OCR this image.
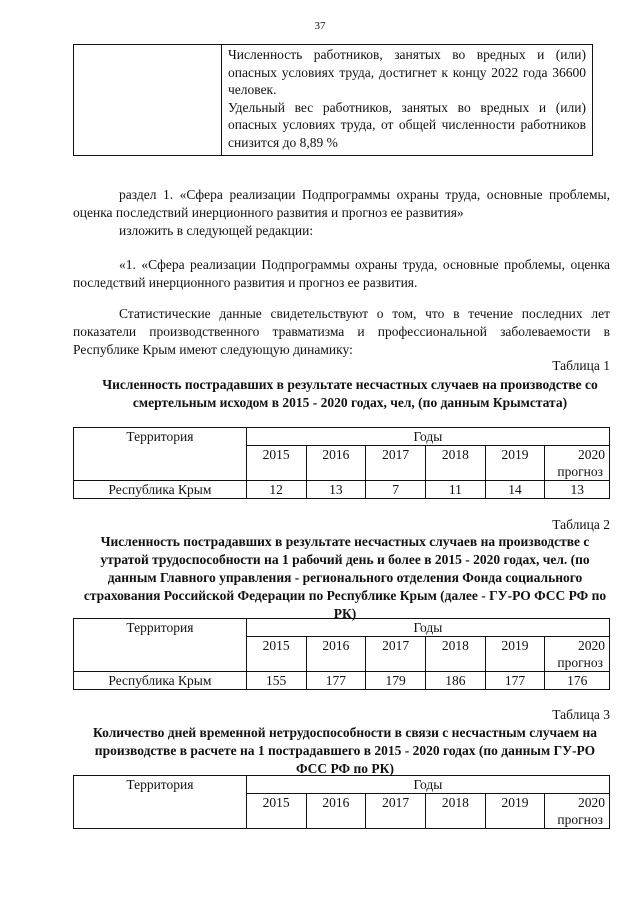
37

Численность работников, занятых во вредных и (или) опасных условиях труда, достигнет к концу 2022 года 36600 человек.

Удельный вес работников, занятых во вредных и (или) опасных условиях труда, от общей численности работников снизится до 8,89 %

раздел 1. «Сфера реализации Подпрограммы охраны труда, основные проблемы, оценка последствий инерционного развития и прогноз ее развития»

изложить в следующей редакции:

«1. «Сфера реализации Подпрограммы охраны труда, основные проблемы, оценка последствий инерционного развития и прогноз ее развития.

Статистические данные свидетельствуют о том, что в течение последних лет показатели производственного травматизма и профессиональной заболеваемости в Республике Крым имеют следующую динамику:

Таблица 1

Численность пострадавших в результате несчастных случаев на производстве со смертельным исходом в 2015 - 2020 годах, чел, (по данным Крымстата)

Территория	Годы					
	2015	2016	2017	2018	2019	2020
прогноз

Республика Крым	12	13	7	11	14	13
Таблица 2

Численность пострадавших в результате несчастных случаев на производстве с утратой трудоспособности на 1 рабочий день и более в 2015 - 2020 годах, чел. (по данным Главного управления - регионального отделения Фонда социального страхования Российской Федерации по Республике Крым (далее - ГУ-РО ФСС РФ по РК)

Территория	Годы					
	2015	2016	2017	2018	2019	2020
прогноз

Республика Крым	155	177	179	186	177	176
Таблица 3

Количество дней временной нетрудоспособности в связи с несчастным случаем на производстве в расчете на 1 пострадавшего в 2015 - 2020 годах (по данным ГУ-РО ФСС РФ по РК)

Территория	Годы					
	2015	2016	2017	2018	2019	2020
прогноз
